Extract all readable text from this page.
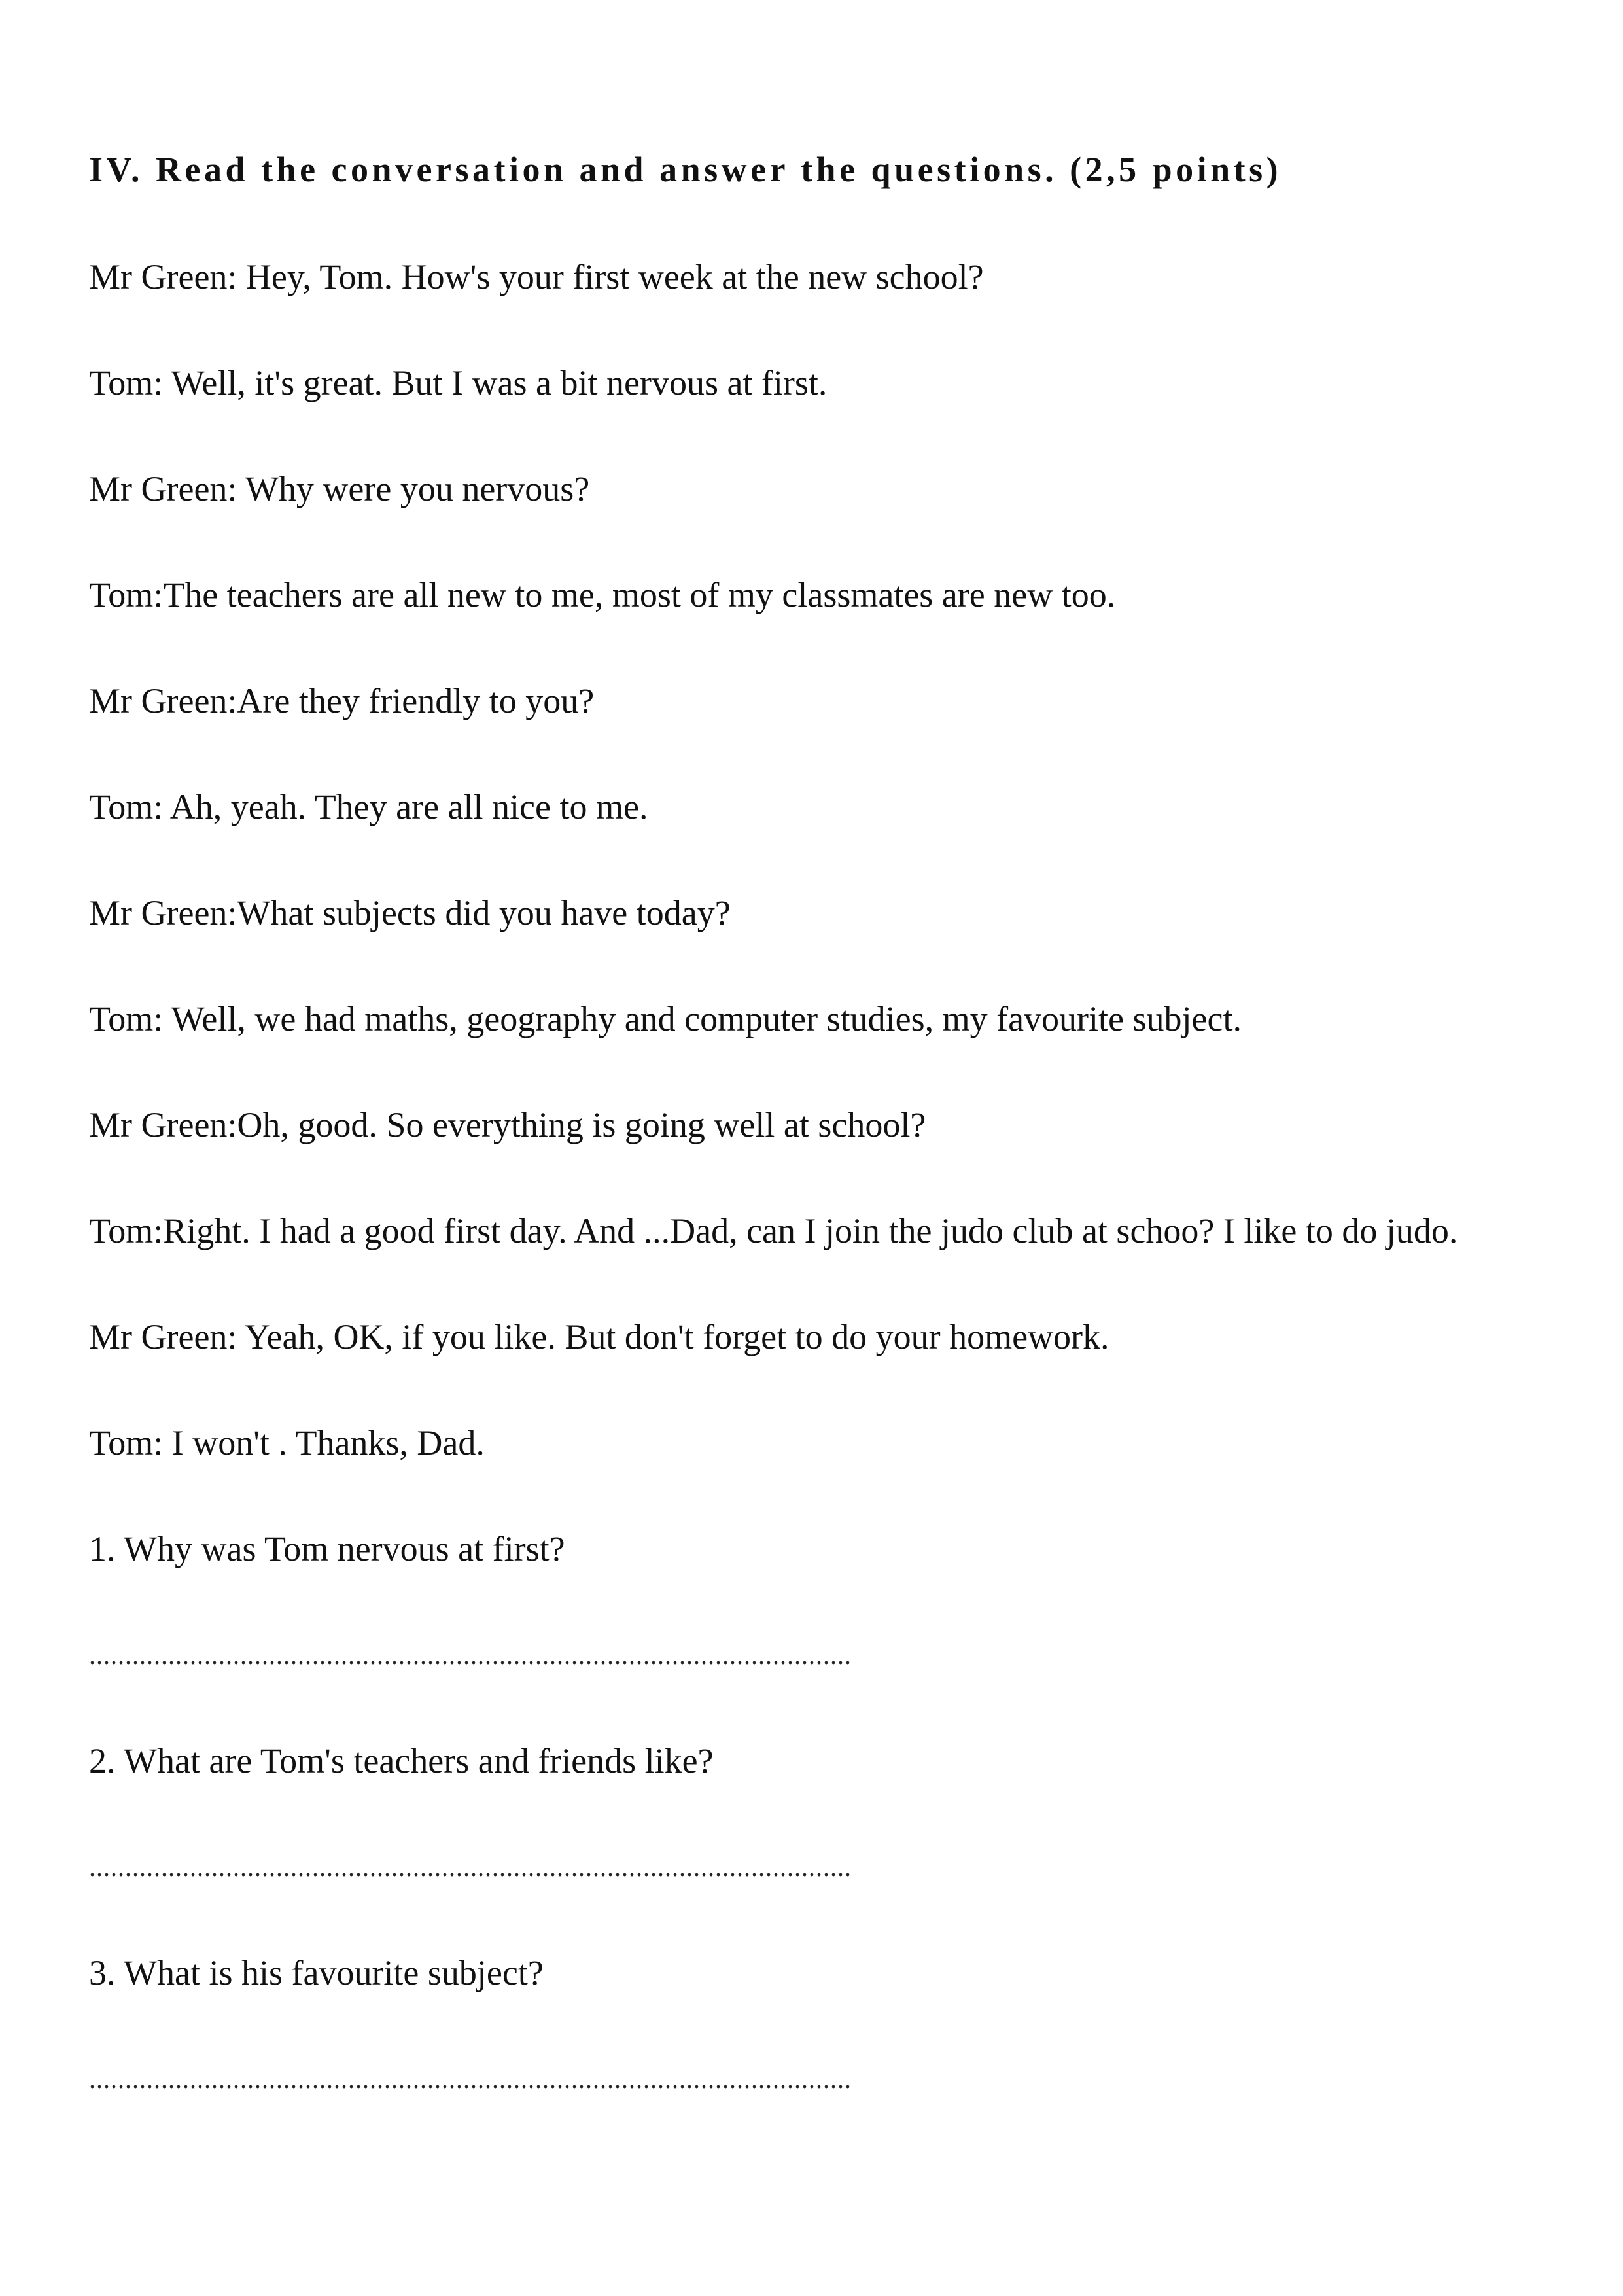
IV. Read the conversation and answer the questions. (2,5 points)
Mr Green: Hey, Tom. How's your first week at the new school?
Tom: Well, it's great. But I was a bit nervous at first.
Mr Green: Why were you nervous?
Tom:The teachers are all new to me, most of my classmates are new too.
Mr Green:Are they friendly to you?
Tom: Ah, yeah. They are all nice to me.
Mr Green:What subjects did you have today?
Tom: Well, we had maths, geography and computer studies, my favourite subject.
Mr Green:Oh, good. So everything is going well at school?
Tom:Right. I had a good first day. And ...Dad, can I join the judo club at schoo? I like to do judo.
Mr Green: Yeah, OK, if you like. But don't forget to do your homework.
Tom: I won't . Thanks, Dad.
1. Why was Tom nervous at first?
..........................................................................................................
2. What are Tom's teachers and friends like?
..........................................................................................................
3. What is his favourite subject?
..........................................................................................................
